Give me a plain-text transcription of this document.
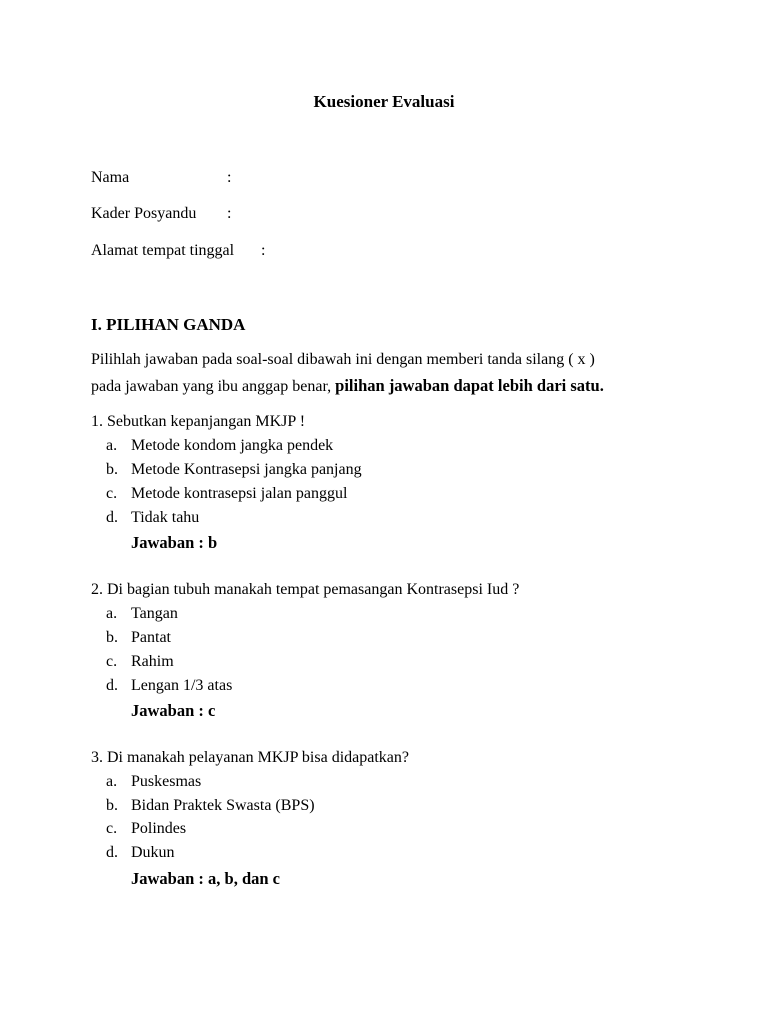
Kuesioner Evaluasi
Nama	:
Kader Posyandu :
Alamat tempat tinggal :
I. PILIHAN GANDA
Pilihlah jawaban pada soal-soal dibawah ini dengan memberi tanda silang ( x )
pada jawaban yang ibu anggap benar, pilihan jawaban dapat lebih dari satu.
1. Sebutkan kepanjangan MKJP !
a. Metode kondom jangka pendek
b. Metode Kontrasepsi jangka panjang
c. Metode kontrasepsi jalan panggul
d. Tidak tahu
Jawaban : b
2. Di bagian tubuh manakah tempat pemasangan Kontrasepsi Iud ?
a. Tangan
b. Pantat
c. Rahim
d. Lengan 1/3 atas
Jawaban : c
3. Di manakah pelayanan MKJP bisa didapatkan?
a. Puskesmas
b. Bidan Praktek Swasta (BPS)
c. Polindes
d. Dukun
Jawaban : a, b, dan c
